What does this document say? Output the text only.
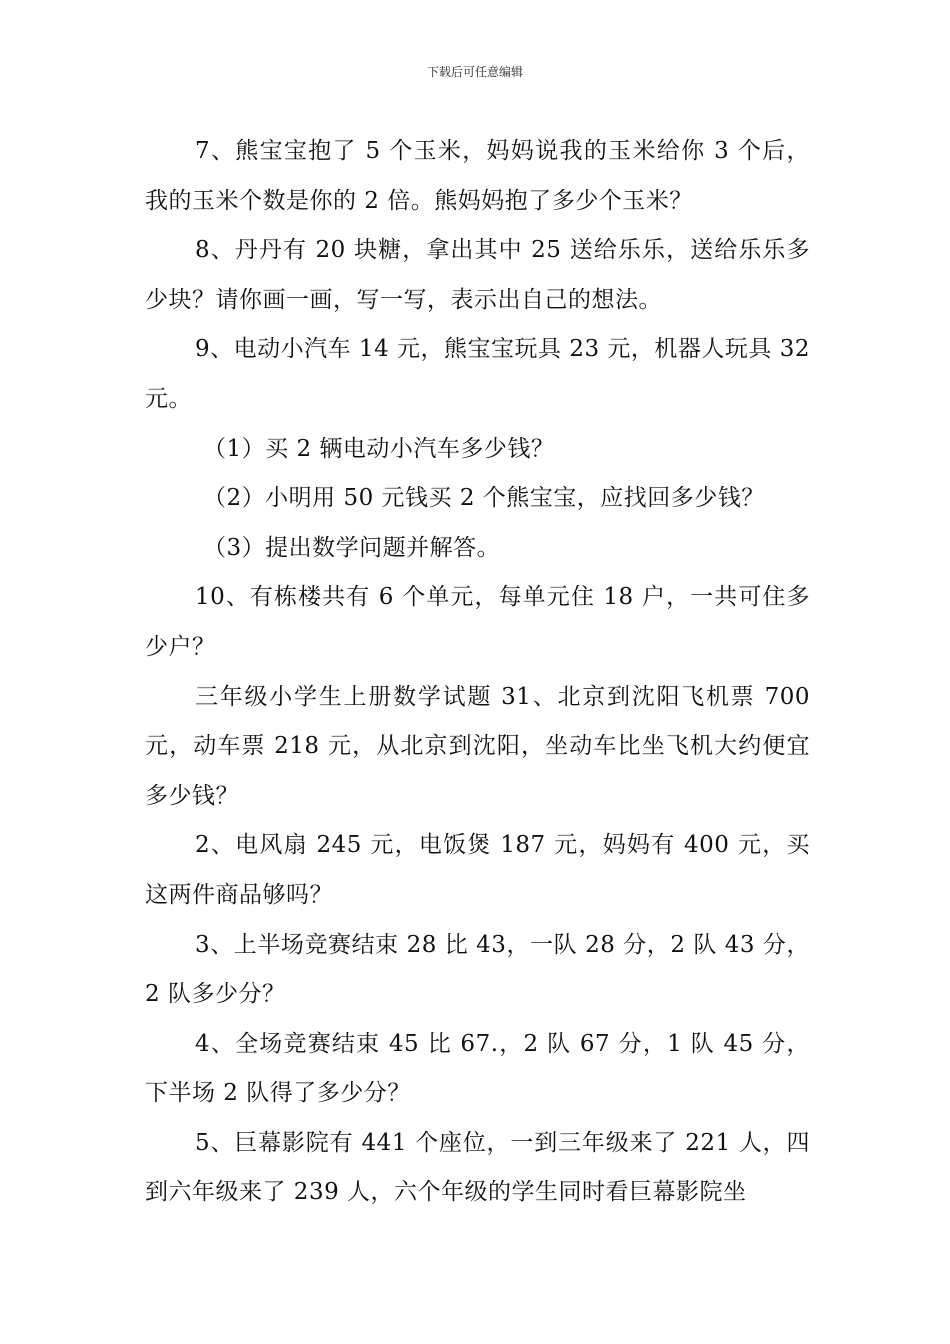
下载后可任意编辑

7、熊宝宝抱了 5 个玉米，妈妈说我的玉米给你 3 个后，我的玉米个数是你的 2 倍。熊妈妈抱了多少个玉米？

8、丹丹有 20 块糖，拿出其中 25 送给乐乐，送给乐乐多少块？请你画一画，写一写，表示出自己的想法。

9、电动小汽车 14 元，熊宝宝玩具 23 元，机器人玩具 32 元。

（1）买 2 辆电动小汽车多少钱？

（2）小明用 50 元钱买 2 个熊宝宝，应找回多少钱？

（3）提出数学问题并解答。

10、有栋楼共有 6 个单元，每单元住 18 户，一共可住多少户？

三年级小学生上册数学试题 31、北京到沈阳飞机票 700 元，动车票 218 元，从北京到沈阳，坐动车比坐飞机大约便宜多少钱？

2、电风扇 245 元，电饭煲 187 元，妈妈有 400 元，买这两件商品够吗？

3、上半场竞赛结束 28 比 43，一队 28 分，2 队 43 分，2 队多少分？

4、全场竞赛结束 45 比 67.，2 队 67 分，1 队 45 分，下半场 2 队得了多少分？

5、巨幕影院有 441 个座位，一到三年级来了 221 人，四到六年级来了 239 人，六个年级的学生同时看巨幕影院坐
